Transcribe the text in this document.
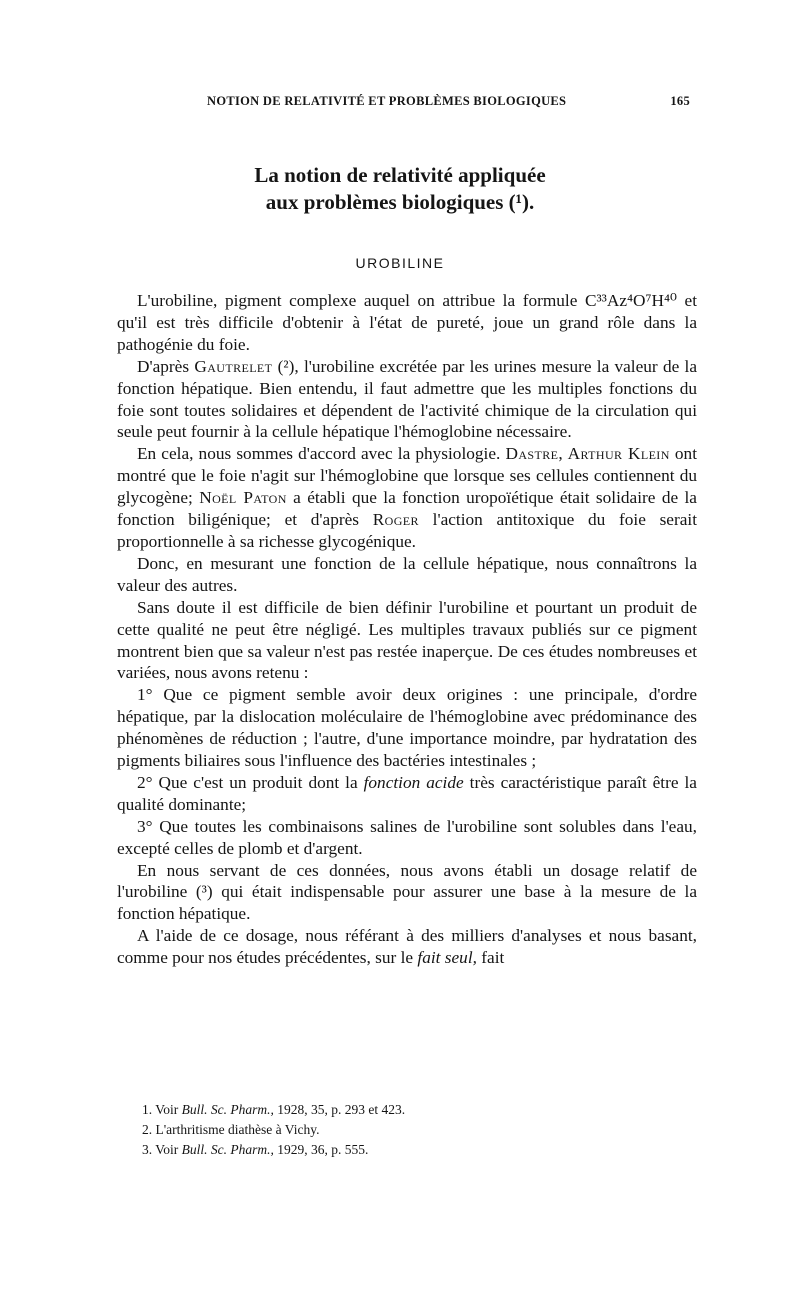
NOTION DE RELATIVITÉ ET PROBLÈMES BIOLOGIQUES	165
La notion de relativité appliquée
aux problèmes biologiques (¹).
UROBILINE

L'urobiline, pigment complexe auquel on attribue la formule C³³Az⁴O⁷H⁴⁰ et qu'il est très difficile d'obtenir à l'état de pureté, joue un grand rôle dans la pathogénie du foie.

D'après Gautrelet (²), l'urobiline excrétée par les urines mesure la valeur de la fonction hépatique. Bien entendu, il faut admettre que les multiples fonctions du foie sont toutes solidaires et dépendent de l'activité chimique de la circulation qui seule peut fournir à la cellule hépatique l'hémoglobine nécessaire.

En cela, nous sommes d'accord avec la physiologie. Dastre, Arthur Klein ont montré que le foie n'agit sur l'hémoglobine que lorsque ses cellules contiennent du glycogène; Noël Paton a établi que la fonction uropoïétique était solidaire de la fonction biligénique; et d'après Roger l'action antitoxique du foie serait proportionnelle à sa richesse glycogénique.

Donc, en mesurant une fonction de la cellule hépatique, nous connaîtrons la valeur des autres.

Sans doute il est difficile de bien définir l'urobiline et pourtant un produit de cette qualité ne peut être négligé. Les multiples travaux publiés sur ce pigment montrent bien que sa valeur n'est pas restée inaperçue. De ces études nombreuses et variées, nous avons retenu :

1° Que ce pigment semble avoir deux origines : une principale, d'ordre hépatique, par la dislocation moléculaire de l'hémoglobine avec prédominance des phénomènes de réduction ; l'autre, d'une importance moindre, par hydratation des pigments biliaires sous l'influence des bactéries intestinales ;

2° Que c'est un produit dont la fonction acide très caractéristique paraît être la qualité dominante;

3° Que toutes les combinaisons salines de l'urobiline sont solubles dans l'eau, excepté celles de plomb et d'argent.

En nous servant de ces données, nous avons établi un dosage relatif de l'urobiline (³) qui était indispensable pour assurer une base à la mesure de la fonction hépatique.

A l'aide de ce dosage, nous référant à des milliers d'analyses et nous basant, comme pour nos études précédentes, sur le fait seul, fait

1. Voir Bull. Sc. Pharm., 1928, 35, p. 293 et 423.
2. L'arthritisme diathèse à Vichy.
3. Voir Bull. Sc. Pharm., 1929, 36, p. 555.
